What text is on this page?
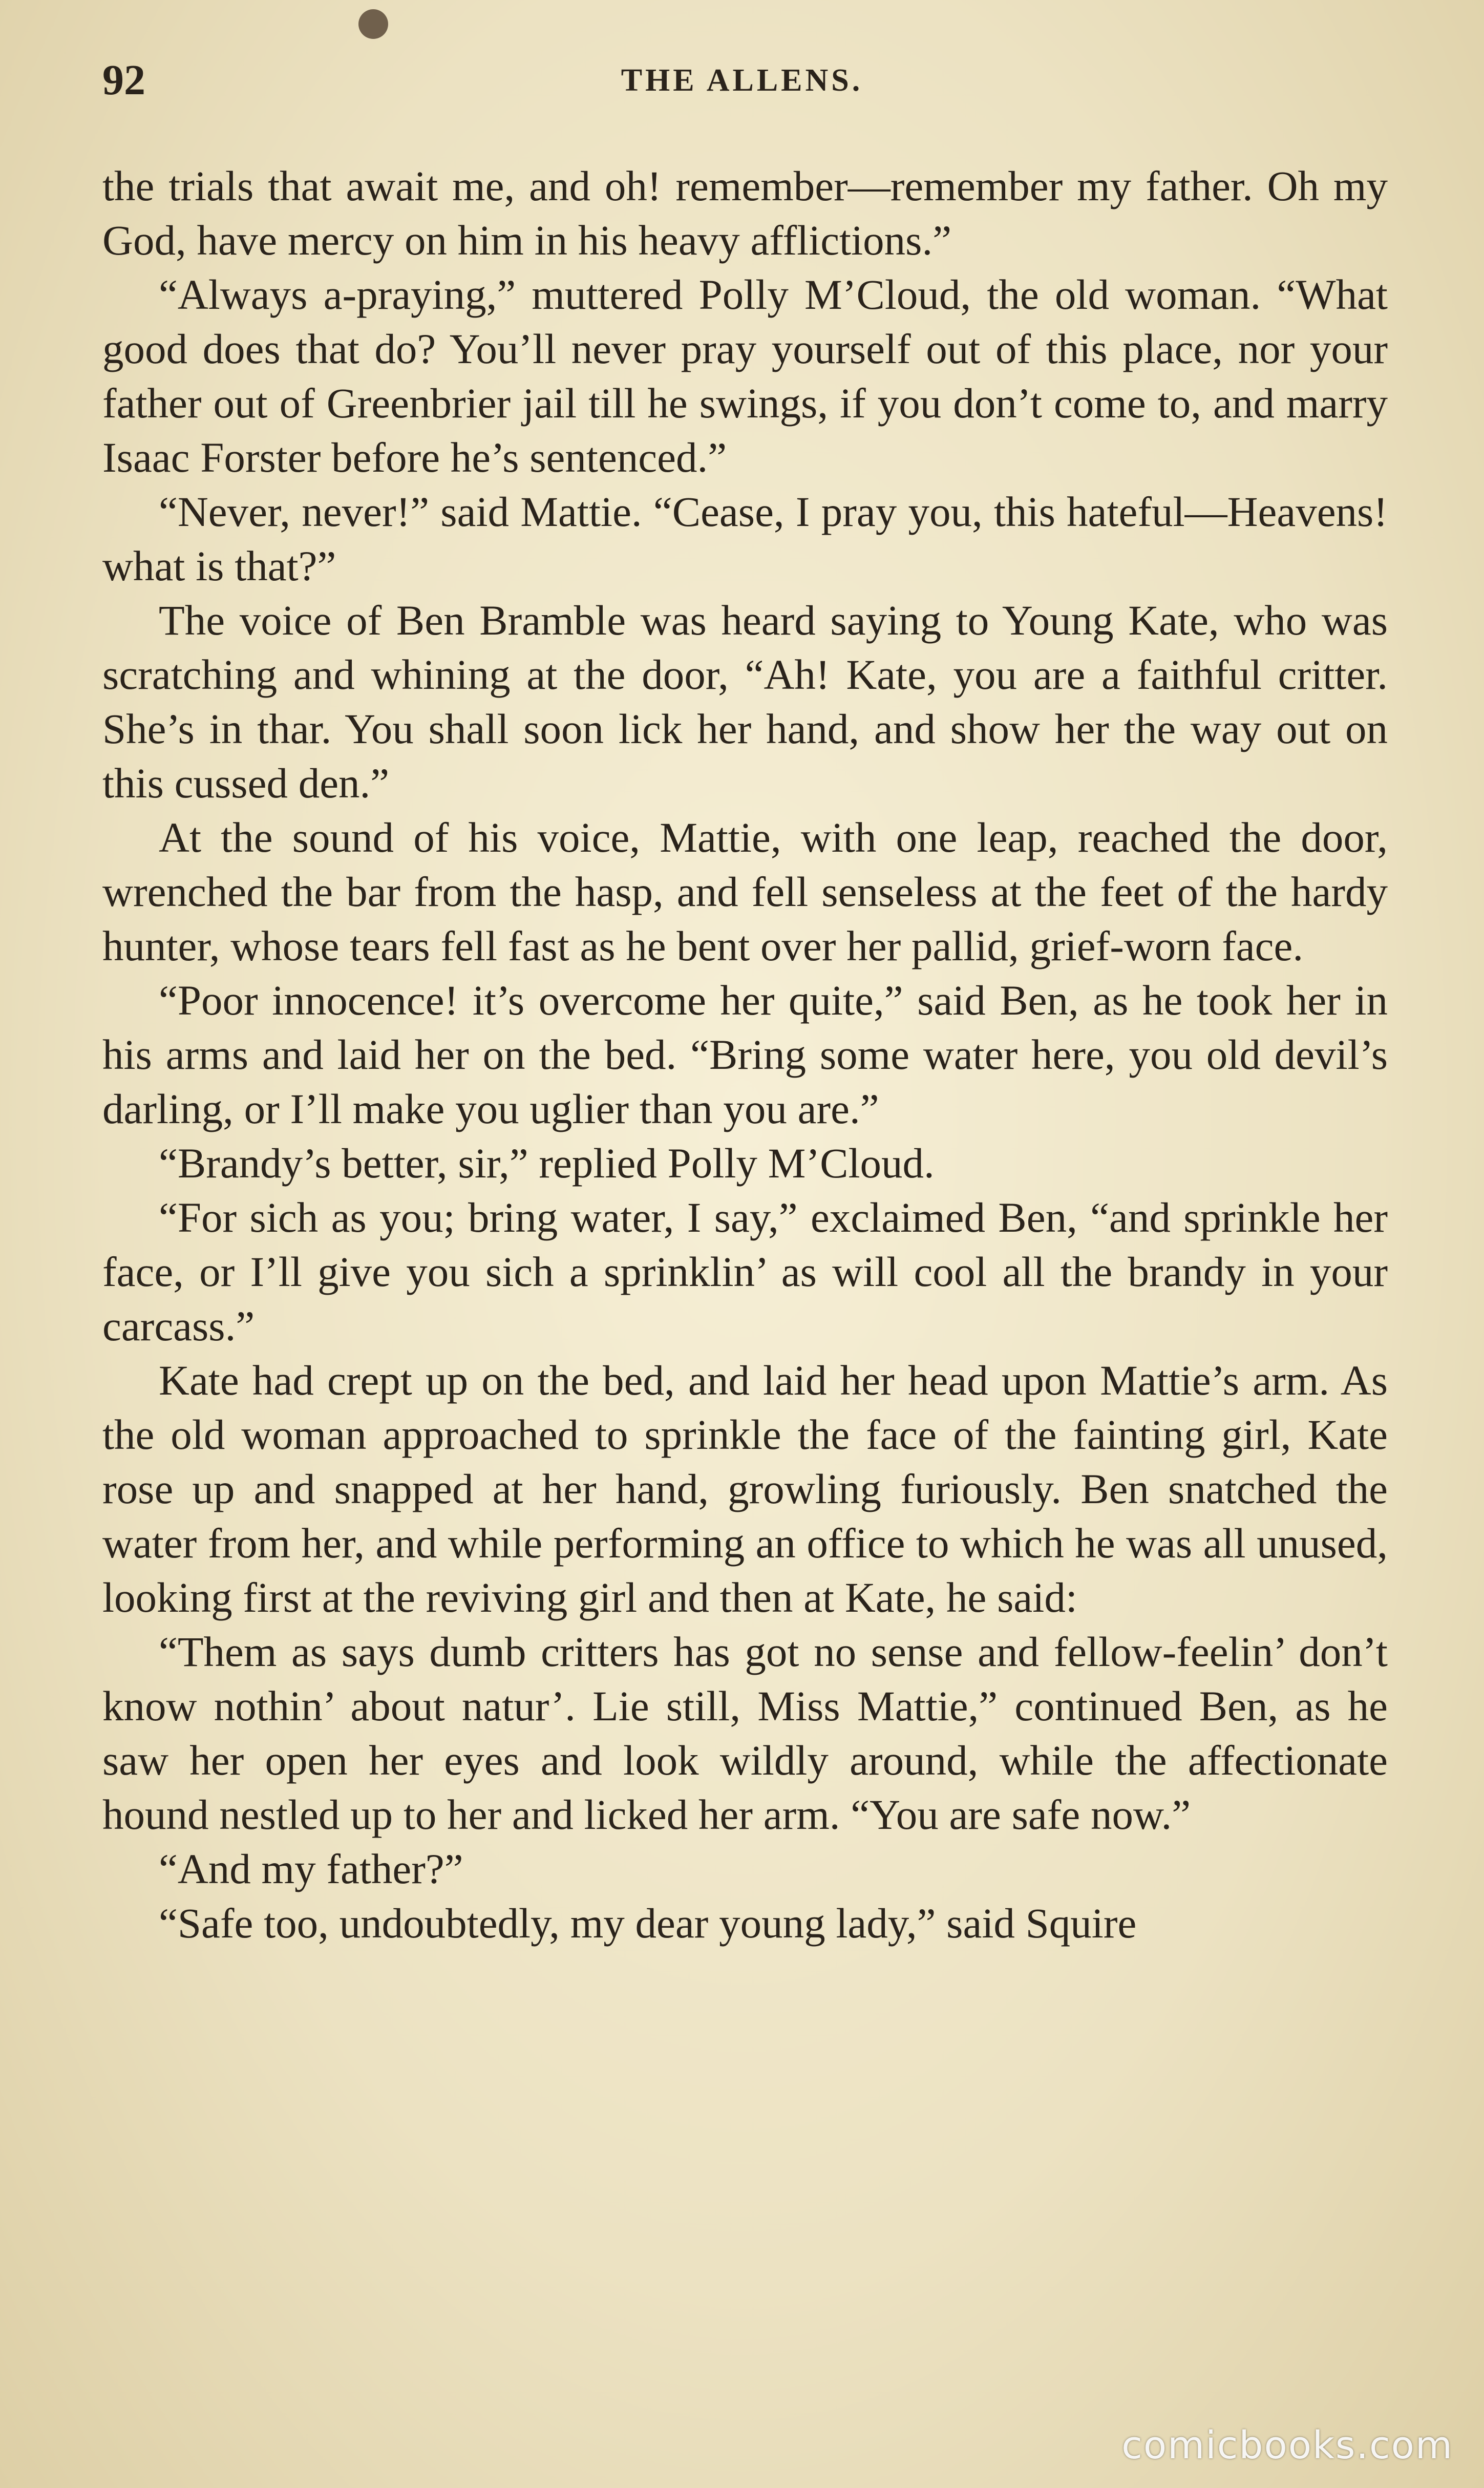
92	THE ALLENS.

the trials that await me, and oh! remember—remember my father. Oh my God, have mercy on him in his heavy afflictions.”

“Always a-praying,” muttered Polly M’Cloud, the old woman. “What good does that do? You’ll never pray yourself out of this place, nor your father out of Greenbrier jail till he swings, if you don’t come to, and marry Isaac Forster before he’s sentenced.”

“Never, never!” said Mattie. “Cease, I pray you, this hateful—Heavens! what is that?”

The voice of Ben Bramble was heard saying to Young Kate, who was scratching and whining at the door, “Ah! Kate, you are a faithful critter. She’s in thar. You shall soon lick her hand, and show her the way out on this cussed den.”

At the sound of his voice, Mattie, with one leap, reached the door, wrenched the bar from the hasp, and fell senseless at the feet of the hardy hunter, whose tears fell fast as he bent over her pallid, grief-worn face.

“Poor innocence! it’s overcome her quite,” said Ben, as he took her in his arms and laid her on the bed. “Bring some water here, you old devil’s darling, or I’ll make you uglier than you are.”

“Brandy’s better, sir,” replied Polly M’Cloud.

“For sich as you; bring water, I say,” exclaimed Ben, “and sprinkle her face, or I’ll give you sich a sprinklin’ as will cool all the brandy in your carcass.”

Kate had crept up on the bed, and laid her head upon Mattie’s arm. As the old woman approached to sprinkle the face of the fainting girl, Kate rose up and snapped at her hand, growling furiously. Ben snatched the water from her, and while performing an office to which he was all unused, looking first at the reviving girl and then at Kate, he said:

“Them as says dumb critters has got no sense and fellow-feelin’ don’t know nothin’ about natur’. Lie still, Miss Mattie,” continued Ben, as he saw her open her eyes and look wildly around, while the affectionate hound nestled up to her and licked her arm. “You are safe now.”

“And my father?”

“Safe too, undoubtedly, my dear young lady,” said Squire

comicbooks.com
